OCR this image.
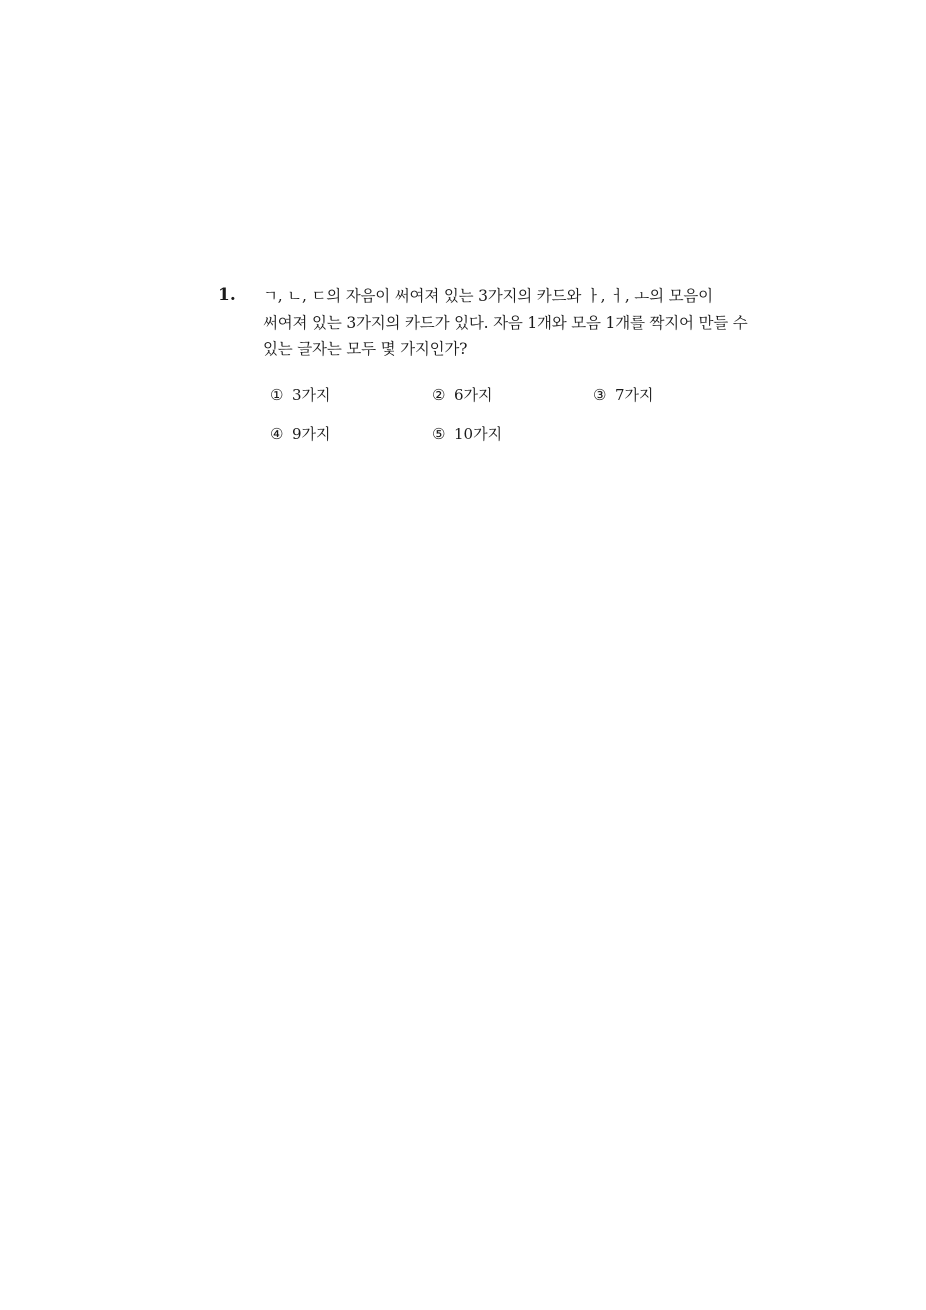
1. ㄱ, ㄴ, ㄷ의 자음이 써여져 있는 3가지의 카드와 ㅏ, ㅓ, ㅗ의 모음이
써여져 있는 3가지의 카드가 있다. 자음 1개와 모음 1개를 짝지어 만들 수
있는 글자는 모두 몇 가지인가?
① 3가지	② 6가지	③ 7가지
④ 9가지	⑤ 10가지
